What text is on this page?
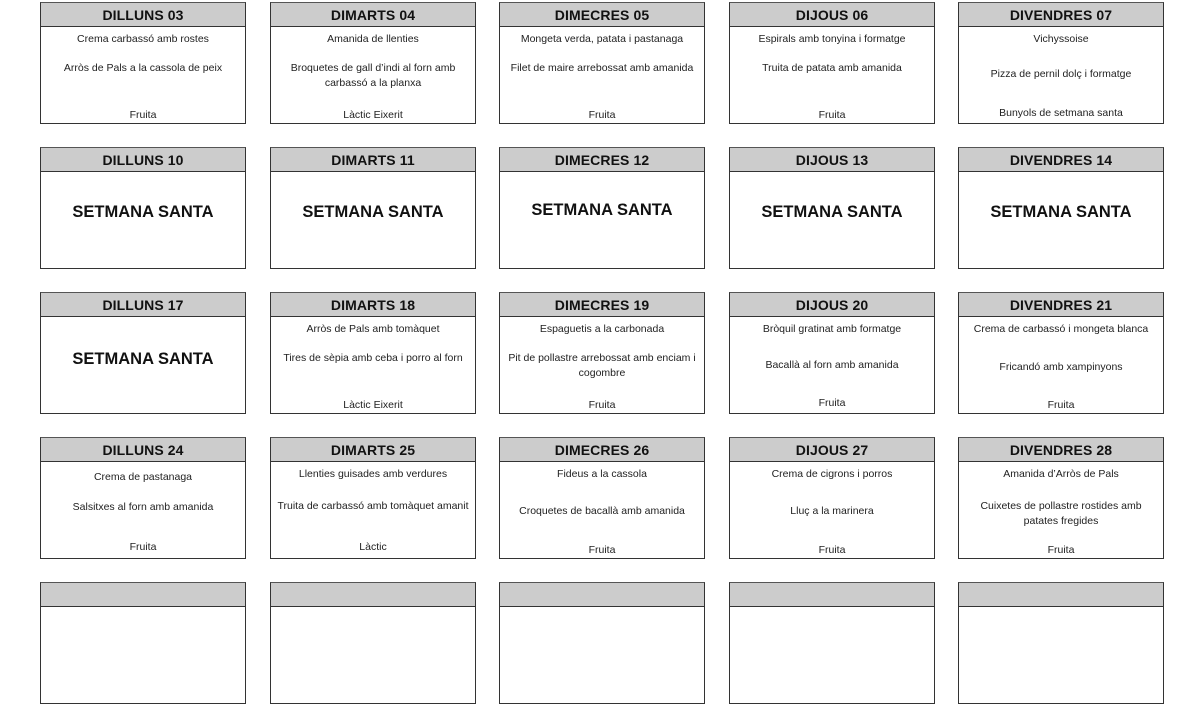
DILLUNS 03
Crema carbassó amb rostes
Arròs de Pals a la cassola de peix
Fruita
DIMARTS 04
Amanida de llenties
Broquetes de gall d’indi al forn amb carbassó a la planxa
Làctic Eixerit
DIMECRES 05
Mongeta verda, patata i pastanaga
Filet de maire arrebossat amb amanida
Fruita
DIJOUS 06
Espirals amb tonyina i formatge
Truita de patata amb amanida
Fruita
DIVENDRES 07
Vichyssoise
Pizza de pernil dolç i formatge
Bunyols de setmana santa
DILLUNS 10
SETMANA SANTA
DIMARTS 11
SETMANA SANTA
DIMECRES 12
SETMANA SANTA
DIJOUS 13
SETMANA SANTA
DIVENDRES 14
SETMANA SANTA
DILLUNS 17
SETMANA SANTA
DIMARTS 18
Arròs de Pals amb tomàquet
Tires de sèpia amb ceba i porro al forn
Làctic Eixerit
DIMECRES 19
Espaguetis a la carbonada
Pit de pollastre arrebossat amb enciam i cogombre
Fruita
DIJOUS 20
Bròquil gratinat amb formatge
Bacallà al forn amb amanida
Fruita
DIVENDRES 21
Crema de carbassó i mongeta blanca
Fricandó amb xampinyons
Fruita
DILLUNS 24
Crema de pastanaga
Salsitxes al forn amb amanida
Fruita
DIMARTS 25
Llenties guisades amb verdures
Truita de carbassó amb tomàquet amanit
Làctic
DIMECRES 26
Fideus a la cassola
Croquetes de bacallà amb amanida
Fruita
DIJOUS 27
Crema de cigrons i porros
Lluç a la marinera
Fruita
DIVENDRES 28
Amanida d’Arròs de Pals
Cuixetes de pollastre rostides amb patates fregides
Fruita
